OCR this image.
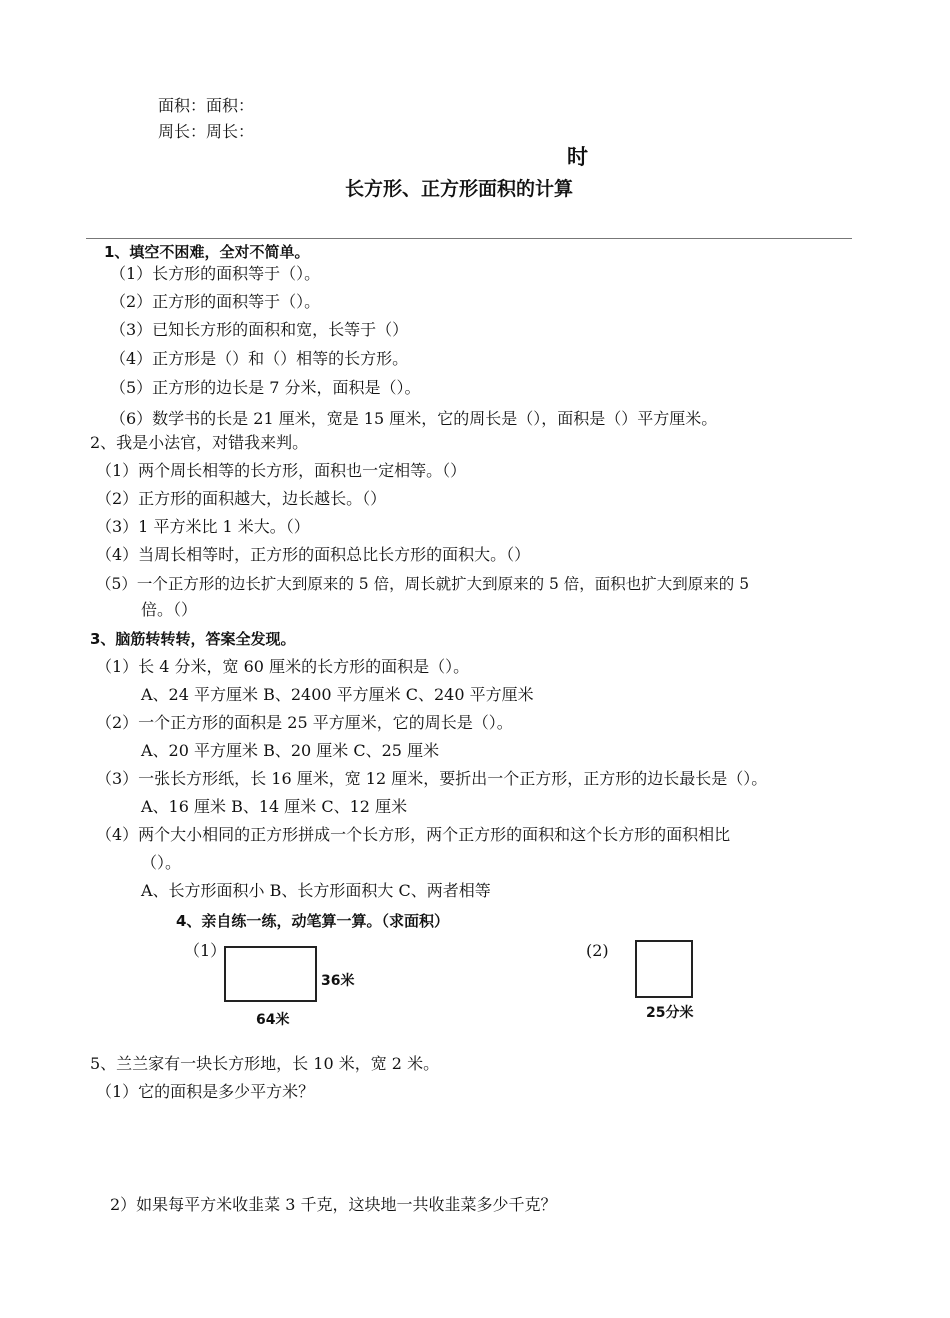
面积：面积：
周长：周长：
时
长方形、正方形面积的计算
1、填空不困难，全对不简单。
（1）长方形的面积等于（）。
（2）正方形的面积等于（）。
（3）已知长方形的面积和宽，长等于（）
（4）正方形是（）和（）相等的长方形。
（5）正方形的边长是 7 分米，面积是（）。
（6）数学书的长是 21 厘米，宽是 15 厘米，它的周长是（），面积是（）平方厘米。
2、我是小法官，对错我来判。
（1）两个周长相等的长方形，面积也一定相等。（）
（2）正方形的面积越大，边长越长。（）
（3）1 平方米比 1 米大。（）
（4）当周长相等时，正方形的面积总比长方形的面积大。（）
（5）一个正方形的边长扩大到原来的 5 倍，周长就扩大到原来的 5 倍，面积也扩大到原来的 5
倍。（）
3、脑筋转转转，答案全发现。
（1）长 4 分米，宽 60 厘米的长方形的面积是（）。
A、24 平方厘米 B、2400 平方厘米 C、240 平方厘米
（2）一个正方形的面积是 25 平方厘米，它的周长是（）。
A、20 平方厘米 B、20 厘米 C、25 厘米
（3）一张长方形纸，长 16 厘米，宽 12 厘米，要折出一个正方形，正方形的边长最长是（）。
A、16 厘米 B、14 厘米 C、12 厘米
（4）两个大小相同的正方形拼成一个长方形，两个正方形的面积和这个长方形的面积相比
（）。
A、长方形面积小 B、长方形面积大 C、两者相等
4、亲自练一练，动笔算一算。（求面积）
（1）
36米
64米
(2)
25分米
5、兰兰家有一块长方形地，长 10 米，宽 2 米。
（1）它的面积是多少平方米？
2）如果每平方米收韭菜 3 千克，这块地一共收韭菜多少千克？
